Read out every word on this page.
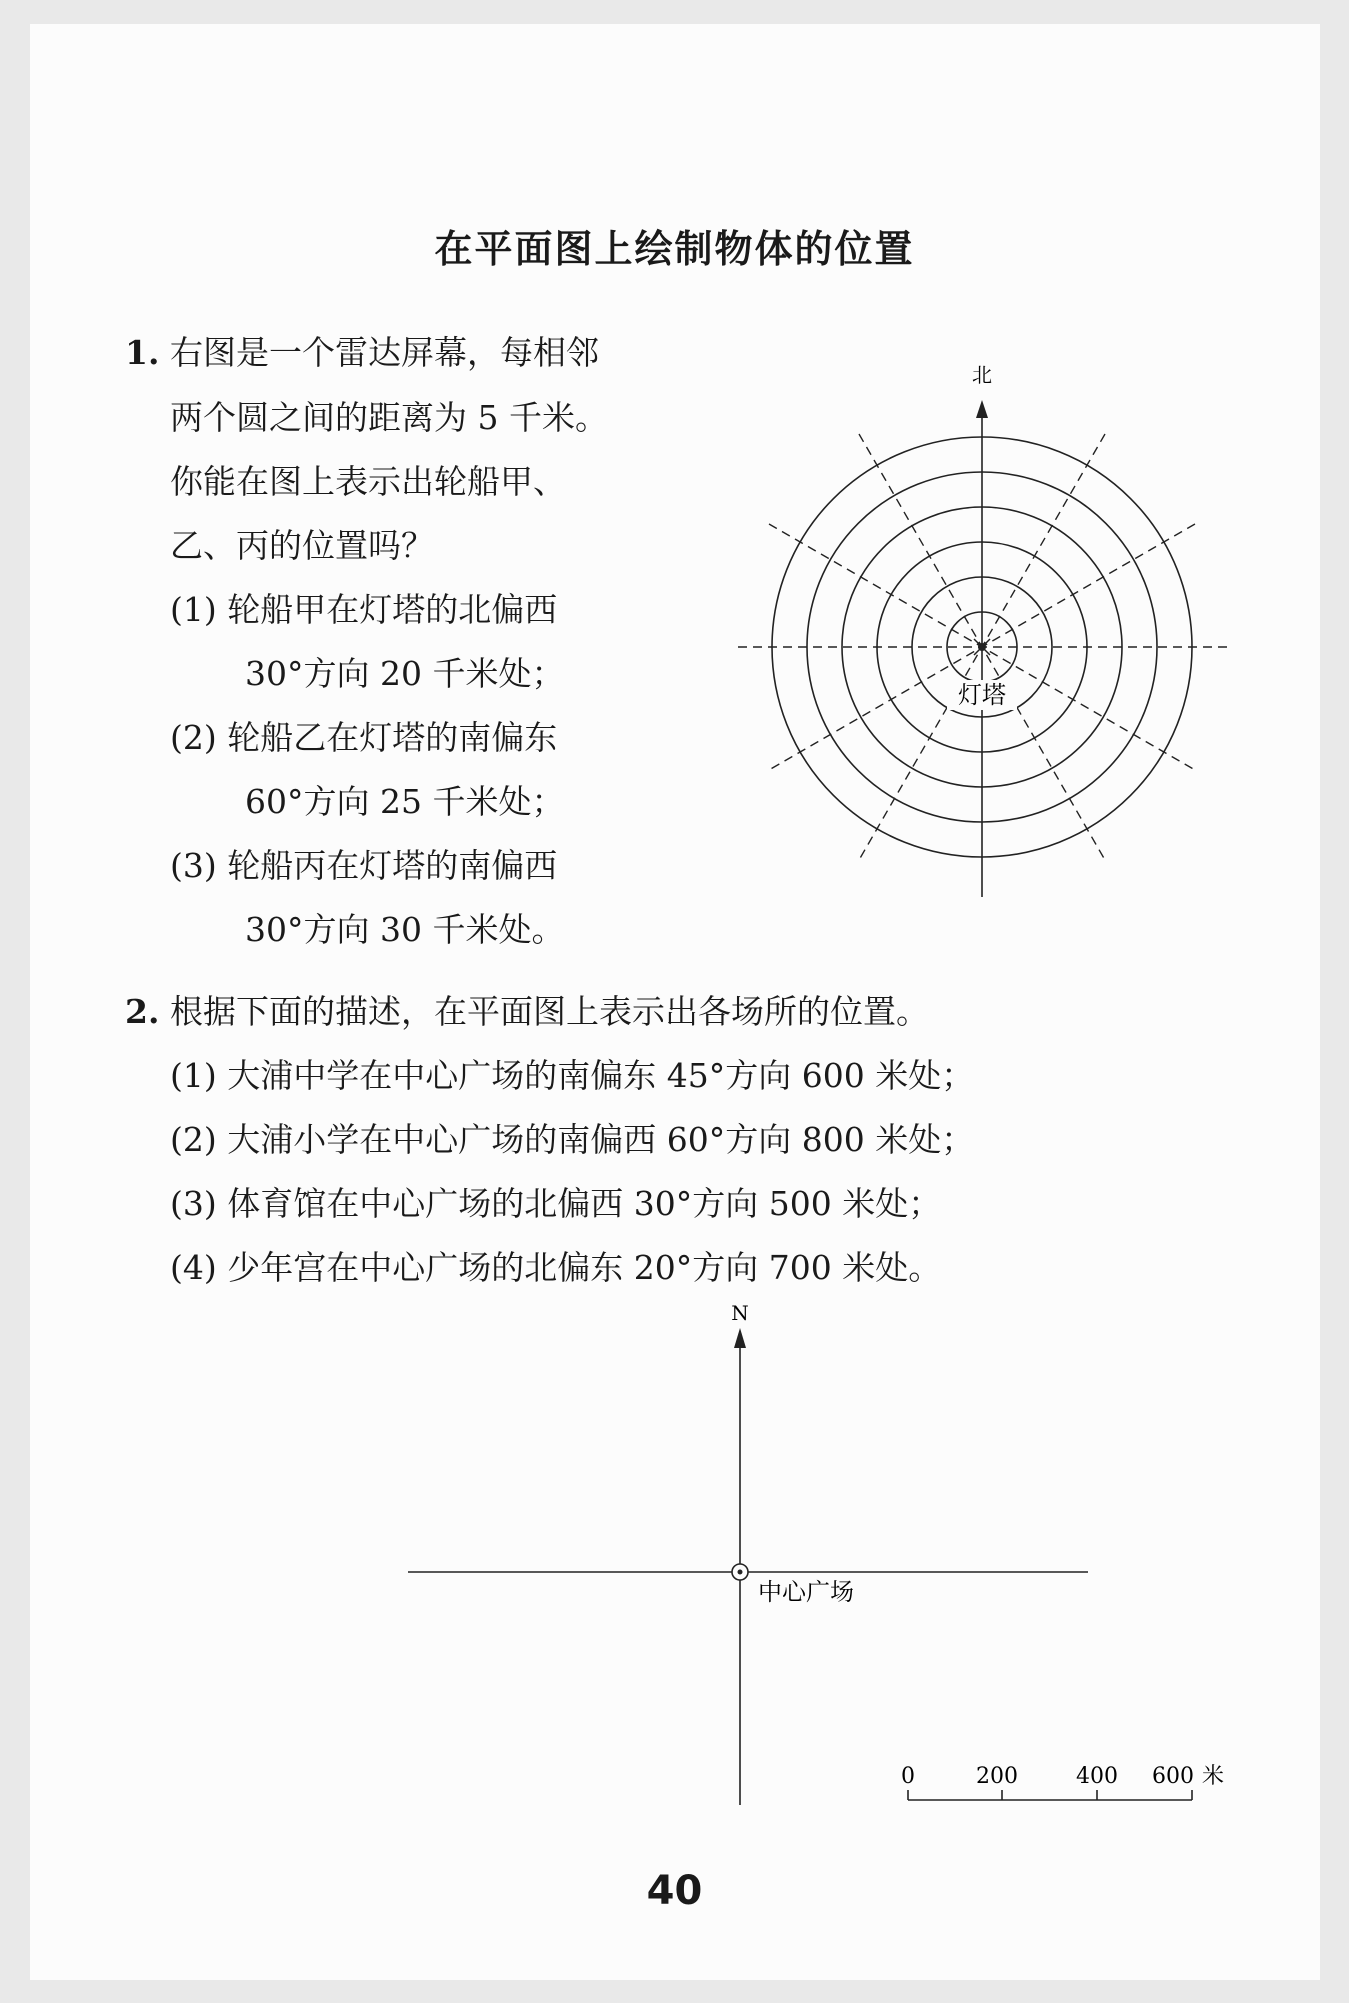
在平面图上绘制物体的位置
1. 右图是一个雷达屏幕，每相邻
两个圆之间的距离为 5 千米。
你能在图上表示出轮船甲、
乙、丙的位置吗？
(1) 轮船甲在灯塔的北偏西
30°方向 20 千米处；
(2) 轮船乙在灯塔的南偏东
60°方向 25 千米处；
(3) 轮船丙在灯塔的南偏西
30°方向 30 千米处。
北
灯塔
2. 根据下面的描述，在平面图上表示出各场所的位置。
(1) 大浦中学在中心广场的南偏东 45°方向 600 米处；
(2) 大浦小学在中心广场的南偏西 60°方向 800 米处；
(3) 体育馆在中心广场的北偏西 30°方向 500 米处；
(4) 少年宫在中心广场的北偏东 20°方向 700 米处。
N
中心广场
0	200	400 600 米
40
